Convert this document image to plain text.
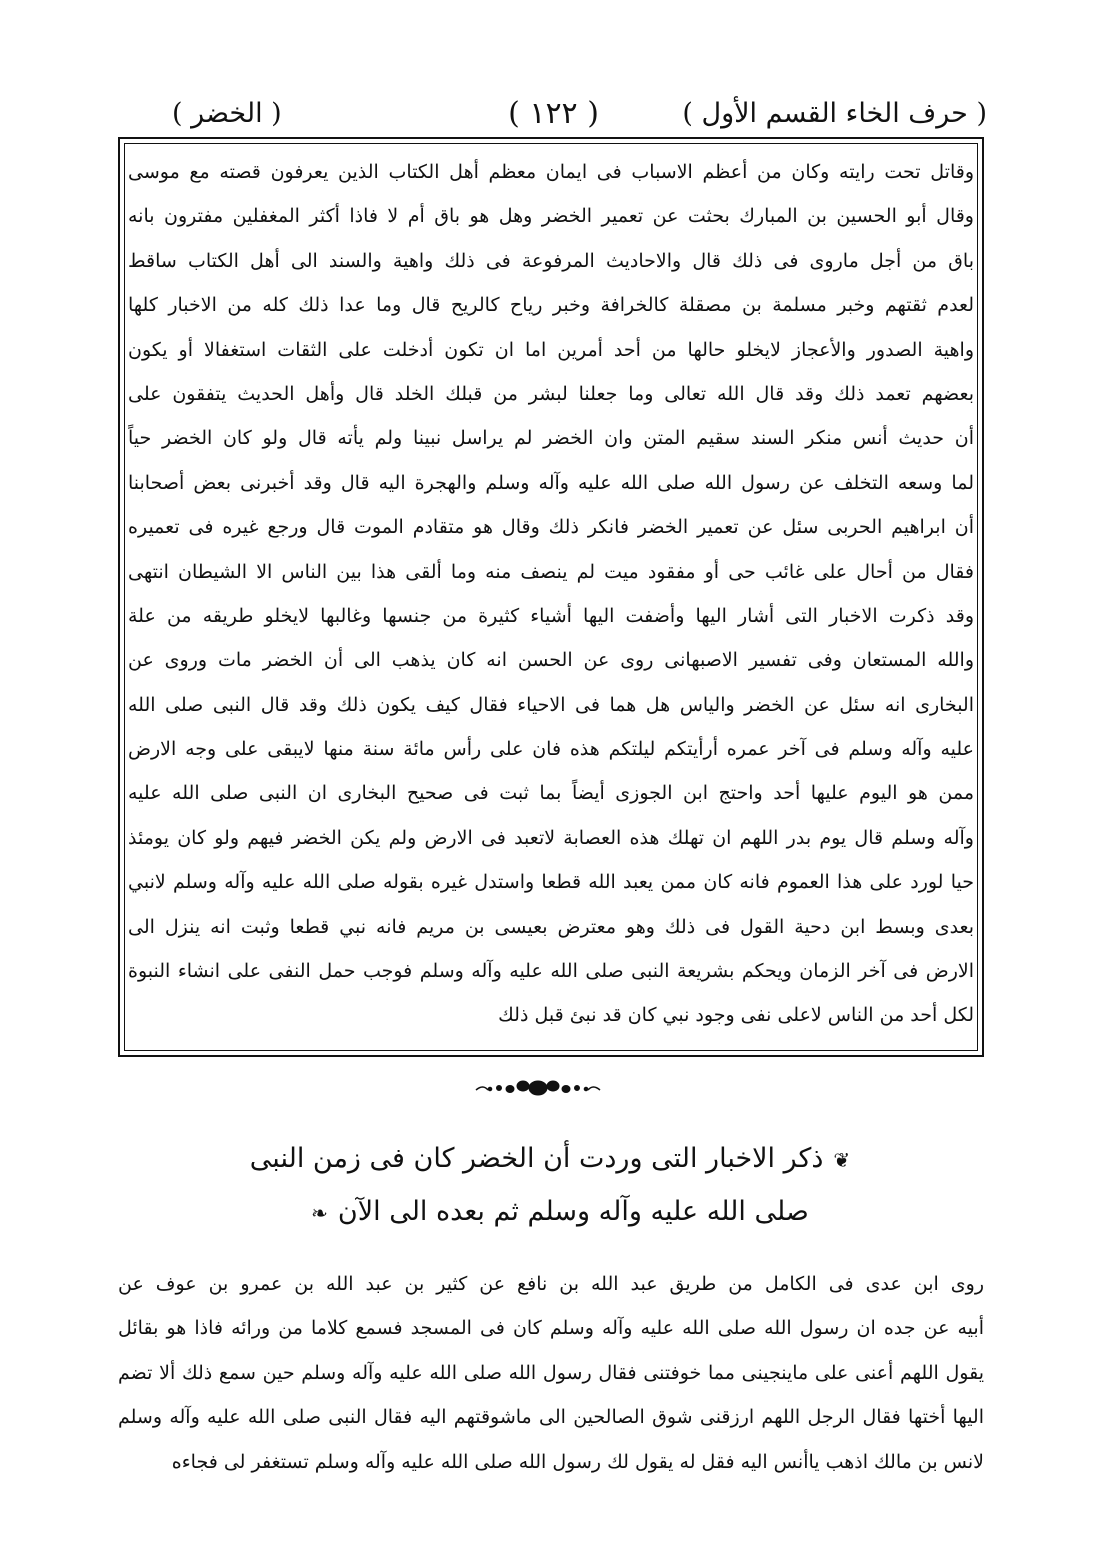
( حرف الخاء القسم الأول )
( ١٢٢ )
( الخضر )
وقاتل تحت رايته وكان من أعظم الاسباب فى ايمان معظم أهل الكتاب الذين يعرفون قصته مع موسى
وقال أبو الحسين بن المبارك بحثت عن تعمير الخضر وهل هو باق أم لا فاذا أكثر المغفلين مفترون بانه
باق من أجل ماروى فى ذلك قال والاحاديث المرفوعة فى ذلك واهية والسند الى أهل الكتاب ساقط
لعدم ثقتهم وخبر مسلمة بن مصقلة كالخرافة وخبر رياح كالريح قال وما عدا ذلك كله من الاخبار كلها
واهية الصدور والأعجاز لايخلو حالها من أحد أمرين اما ان تكون أدخلت على الثقات استغفالا أو يكون
بعضهم تعمد ذلك وقد قال الله تعالى وما جعلنا لبشر من قبلك الخلد قال وأهل الحديث يتفقون على
أن حديث أنس منكر السند سقيم المتن وان الخضر لم يراسل نبينا ولم يأته قال ولو كان الخضر حياً
لما وسعه التخلف عن رسول الله صلى الله عليه وآله وسلم والهجرة اليه قال وقد أخبرنى بعض أصحابنا
أن ابراهيم الحربى سئل عن تعمير الخضر فانكر ذلك وقال هو متقادم الموت قال ورجع غيره فى تعميره
فقال من أحال على غائب حى أو مفقود ميت لم ينصف منه وما ألقى هذا بين الناس الا الشيطان انتهى
وقد ذكرت الاخبار التى أشار اليها وأضفت اليها أشياء كثيرة من جنسها وغالبها لايخلو طريقه من علة
والله المستعان وفى تفسير الاصبهانى روى عن الحسن انه كان يذهب الى أن الخضر مات وروى عن
البخارى انه سئل عن الخضر والياس هل هما فى الاحياء فقال كيف يكون ذلك وقد قال النبى صلى الله
عليه وآله وسلم فى آخر عمره أرأيتكم ليلتكم هذه فان على رأس مائة سنة منها لايبقى على وجه الارض
ممن هو اليوم عليها أحد واحتج ابن الجوزى أيضاً بما ثبت فى صحيح البخارى ان النبى صلى الله عليه
وآله وسلم قال يوم بدر اللهم ان تهلك هذه العصابة لاتعبد فى الارض ولم يكن الخضر فيهم ولو كان يومئذ
حيا لورد على هذا العموم فانه كان ممن يعبد الله قطعا واستدل غيره بقوله صلى الله عليه وآله وسلم لانبي
بعدى وبسط ابن دحية القول فى ذلك وهو معترض بعيسى بن مريم فانه نبي قطعا وثبت انه ينزل الى
الارض فى آخر الزمان ويحكم بشريعة النبى صلى الله عليه وآله وسلم فوجب حمل النفى على انشاء النبوة
لكل أحد من الناس لاعلى نفى وجود نبي كان قد نبئ قبل ذلك
❦ذكر الاخبار التى وردت أن الخضر كان فى زمن النبى
صلى الله عليه وآله وسلم ثم بعده الى الآن❧
روى ابن عدى فى الكامل من طريق عبد الله بن نافع عن كثير بن عبد الله بن عمرو بن عوف عن
أبيه عن جده ان رسول الله صلى الله عليه وآله وسلم كان فى المسجد فسمع كلاما من ورائه فاذا هو بقائل
يقول اللهم أعنى على ماينجينى مما خوفتنى فقال رسول الله صلى الله عليه وآله وسلم حين سمع ذلك ألا تضم
اليها أختها فقال الرجل اللهم ارزقنى شوق الصالحين الى ماشوقتهم اليه فقال النبى صلى الله عليه وآله وسلم
لانس بن مالك اذهب ياأنس اليه فقل له يقول لك رسول الله صلى الله عليه وآله وسلم تستغفر لى فجاءه
